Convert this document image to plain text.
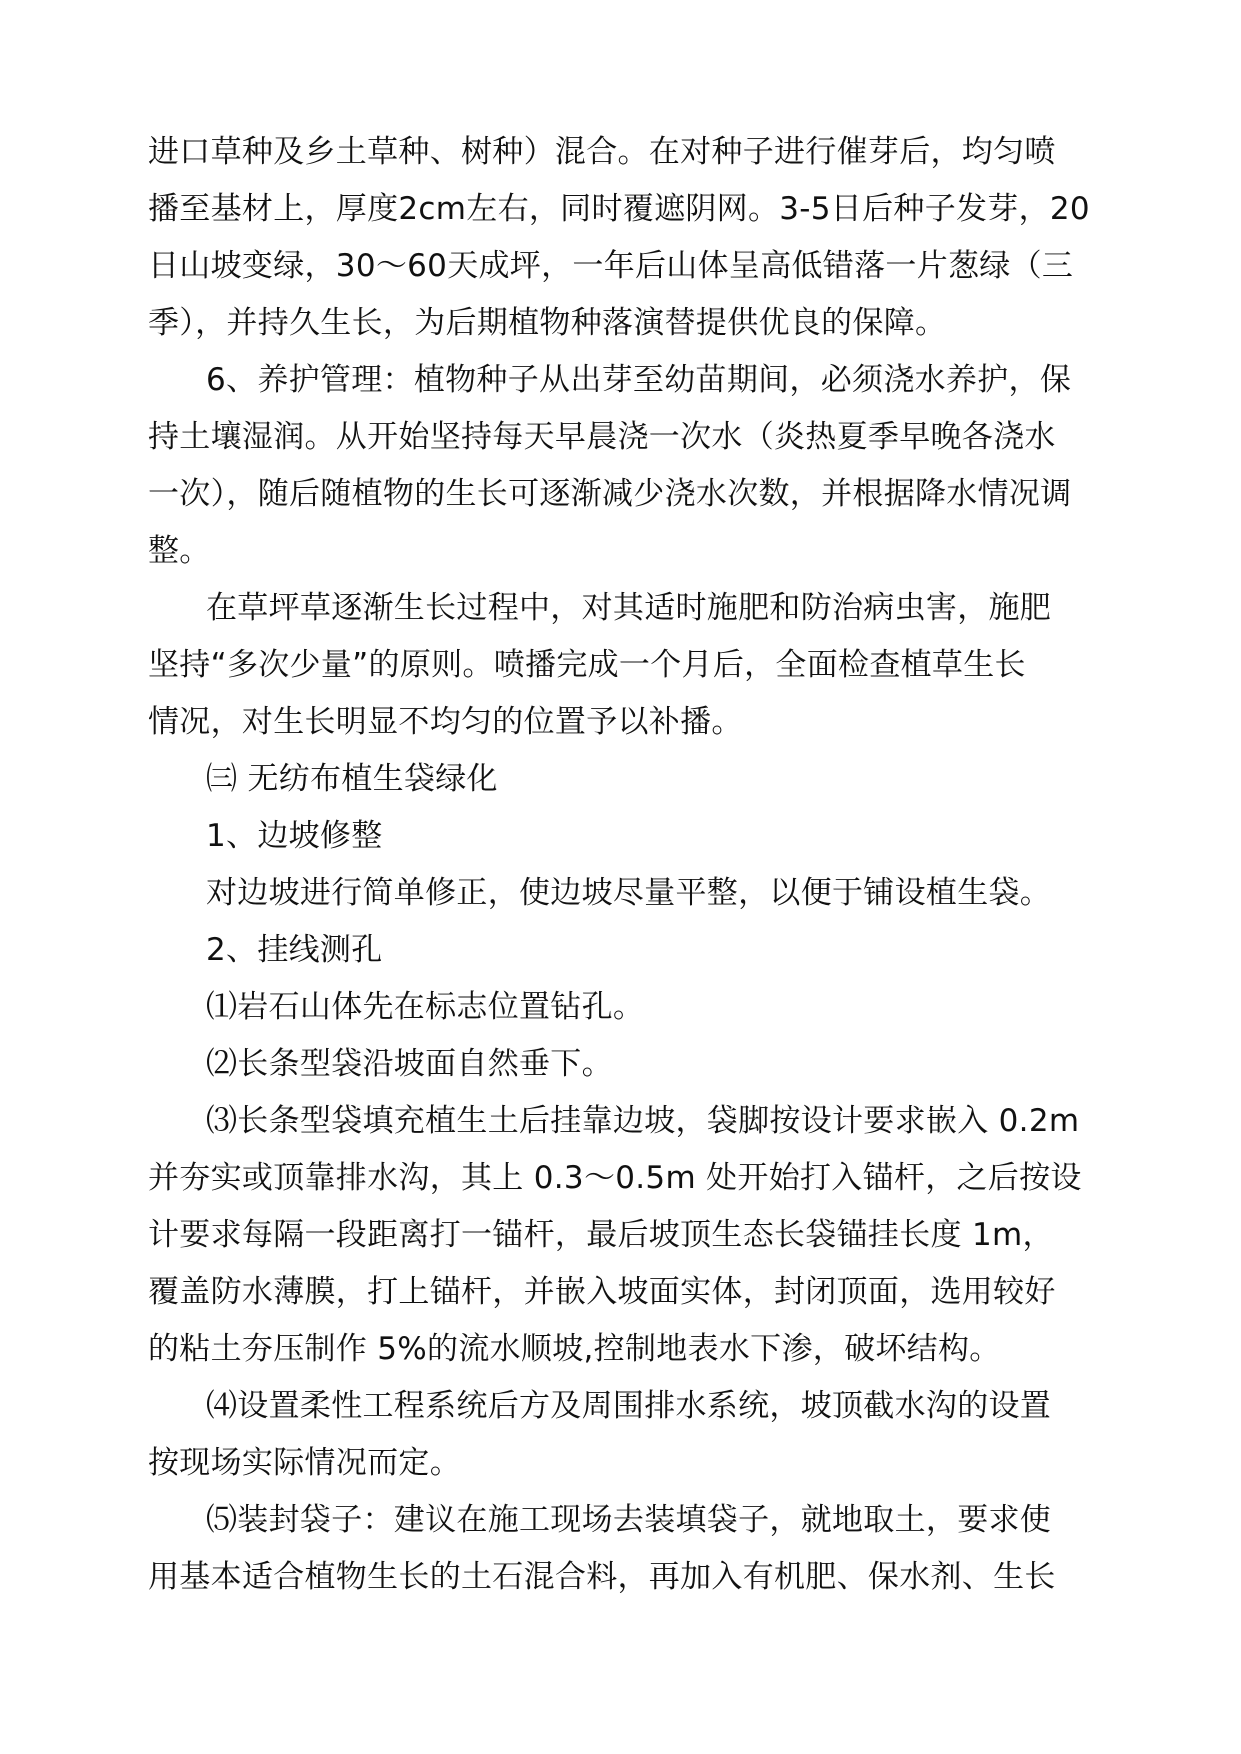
进口草种及乡土草种、树种）混合。在对种子进行催芽后，均匀喷
播至基材上，厚度2cm左右，同时覆遮阴网。3-5日后种子发芽，20
日山坡变绿，30～60天成坪，一年后山体呈高低错落一片葱绿（三
季），并持久生长，为后期植物种落演替提供优良的保障。

6、养护管理：植物种子从出芽至幼苗期间，必须浇水养护，保
持土壤湿润。从开始坚持每天早晨浇一次水（炎热夏季早晚各浇水
一次），随后随植物的生长可逐渐减少浇水次数，并根据降水情况调
整。

在草坪草逐渐生长过程中，对其适时施肥和防治病虫害，施肥
坚持“多次少量”的原则。喷播完成一个月后，全面检查植草生长
情况，对生长明显不均匀的位置予以补播。

㈢ 无纺布植生袋绿化

1、边坡修整

对边坡进行简单修正，使边坡尽量平整，以便于铺设植生袋。

2、挂线测孔

⑴岩石山体先在标志位置钻孔。

⑵长条型袋沿坡面自然垂下。

⑶长条型袋填充植生土后挂靠边坡，袋脚按设计要求嵌入 0.2m
并夯实或顶靠排水沟，其上 0.3～0.5m 处开始打入锚杆，之后按设
计要求每隔一段距离打一锚杆，最后坡顶生态长袋锚挂长度 1m，
覆盖防水薄膜，打上锚杆，并嵌入坡面实体，封闭顶面，选用较好
的粘土夯压制作 5%的流水顺坡,控制地表水下渗，破坏结构。

⑷设置柔性工程系统后方及周围排水系统，坡顶截水沟的设置
按现场实际情况而定。

⑸装封袋子：建议在施工现场去装填袋子，就地取土，要求使
用基本适合植物生长的土石混合料，再加入有机肥、保水剂、生长
